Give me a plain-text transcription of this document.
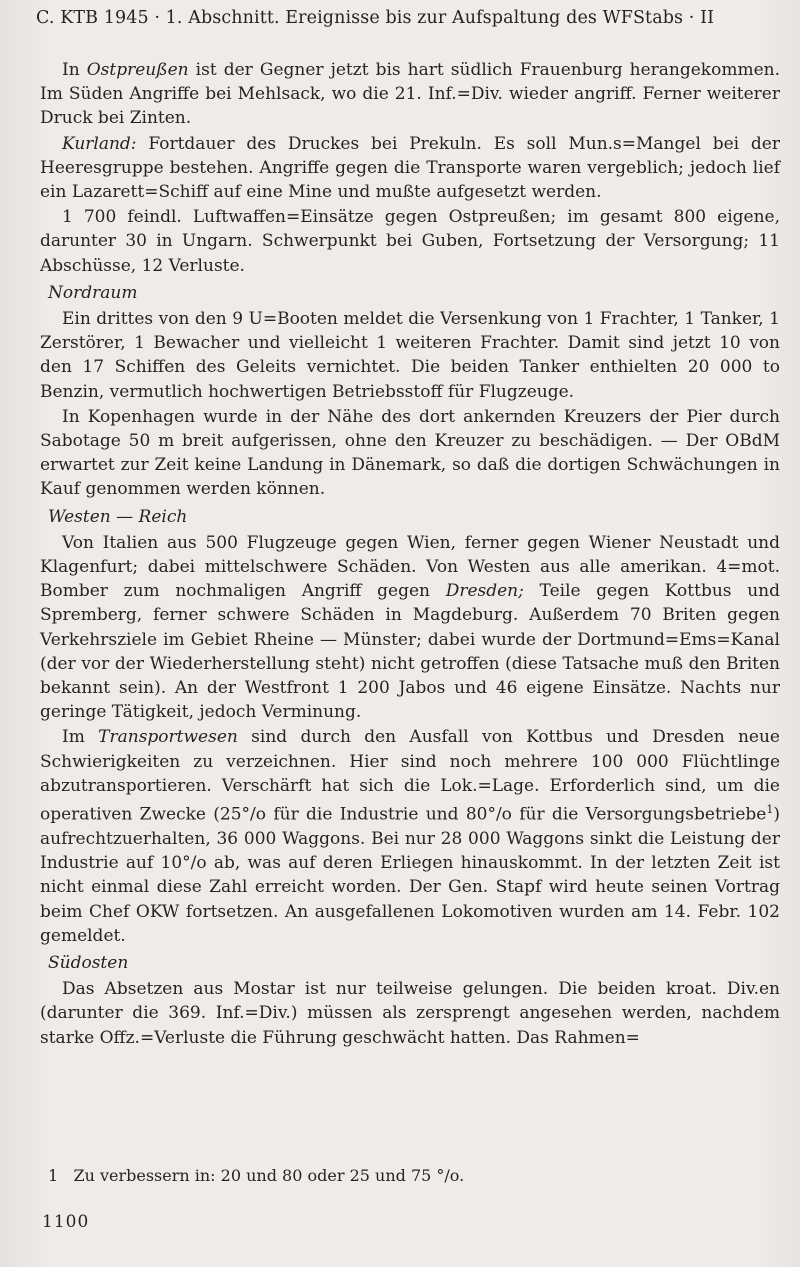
C. KTB 1945 · 1. Abschnitt. Ereignisse bis zur Aufspaltung des WFStabs · II

In Ostpreußen ist der Gegner jetzt bis hart südlich Frauenburg herangekommen. Im Süden Angriffe bei Mehlsack, wo die 21. Inf.=Div. wieder angriff. Ferner weiterer Druck bei Zinten.

Kurland: Fortdauer des Druckes bei Prekuln. Es soll Mun.s=Mangel bei der Heeresgruppe bestehen. Angriffe gegen die Transporte waren vergeblich; jedoch lief ein Lazarett=Schiff auf eine Mine und mußte aufgesetzt werden.

1 700 feindl. Luftwaffen=Einsätze gegen Ostpreußen; im gesamt 800 eigene, darunter 30 in Ungarn. Schwerpunkt bei Guben, Fortsetzung der Versorgung; 11 Abschüsse, 12 Verluste.

Nordraum

Ein drittes von den 9 U=Booten meldet die Versenkung von 1 Frachter, 1 Tanker, 1 Zerstörer, 1 Bewacher und vielleicht 1 weiteren Frachter. Damit sind jetzt 10 von den 17 Schiffen des Geleits vernichtet. Die beiden Tanker enthielten 20 000 to Benzin, vermutlich hochwertigen Betriebsstoff für Flugzeuge.

In Kopenhagen wurde in der Nähe des dort ankernden Kreuzers der Pier durch Sabotage 50 m breit aufgerissen, ohne den Kreuzer zu beschädigen. — Der OBdM erwartet zur Zeit keine Landung in Dänemark, so daß die dortigen Schwächungen in Kauf genommen werden können.

Westen — Reich

Von Italien aus 500 Flugzeuge gegen Wien, ferner gegen Wiener Neustadt und Klagenfurt; dabei mittelschwere Schäden. Von Westen aus alle amerikan. 4=mot. Bomber zum nochmaligen Angriff gegen Dresden; Teile gegen Kottbus und Spremberg, ferner schwere Schäden in Magdeburg. Außerdem 70 Briten gegen Verkehrsziele im Gebiet Rheine — Münster; dabei wurde der Dortmund=Ems=Kanal (der vor der Wiederherstellung steht) nicht getroffen (diese Tatsache muß den Briten bekannt sein). An der Westfront 1 200 Jabos und 46 eigene Einsätze. Nachts nur geringe Tätigkeit, jedoch Verminung.

Im Transportwesen sind durch den Ausfall von Kottbus und Dresden neue Schwierigkeiten zu verzeichnen. Hier sind noch mehrere 100 000 Flüchtlinge abzutransportieren. Verschärft hat sich die Lok.=Lage. Erforderlich sind, um die operativen Zwecke (25°/o für die Industrie und 80°/o für die Versorgungsbetriebe$^1$) aufrechtzuerhalten, 36 000 Waggons. Bei nur 28 000 Waggons sinkt die Leistung der Industrie auf 10°/o ab, was auf deren Erliegen hinauskommt. In der letzten Zeit ist nicht einmal diese Zahl erreicht worden. Der Gen. Stapf wird heute seinen Vortrag beim Chef OKW fortsetzen. An ausgefallenen Lokomotiven wurden am 14. Febr. 102 gemeldet.

Südosten

Das Absetzen aus Mostar ist nur teilweise gelungen. Die beiden kroat. Div.en (darunter die 369. Inf.=Div.) müssen als zersprengt angesehen werden, nachdem starke Offz.=Verluste die Führung geschwächt hatten. Das Rahmen=

1 Zu verbessern in: 20 und 80 oder 25 und 75 °/o.
1100
